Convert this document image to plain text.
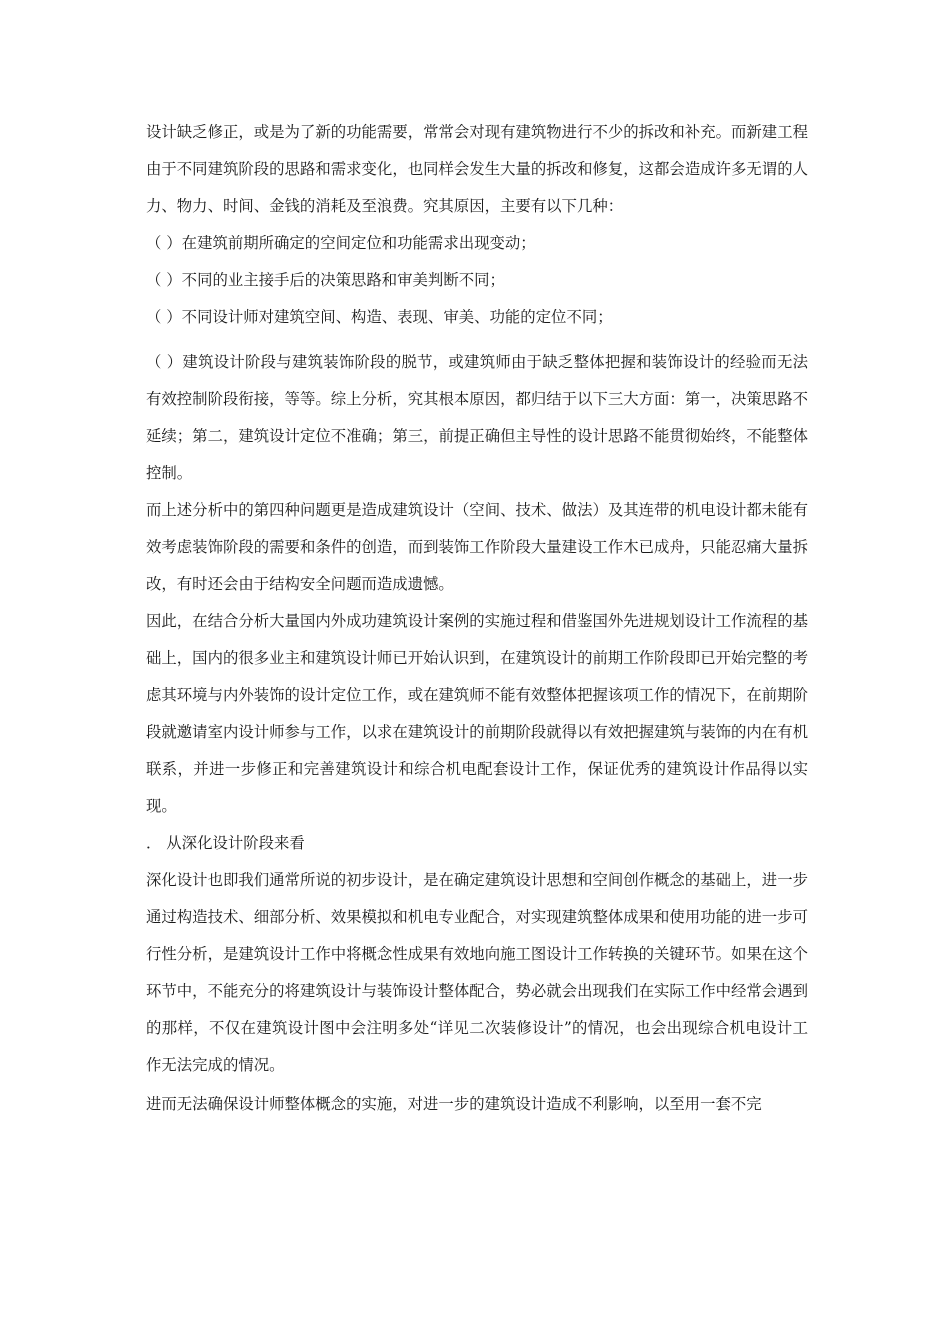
设计缺乏修正，或是为了新的功能需要，常常会对现有建筑物进行不少的拆改和补充。而新建工程由于不同建筑阶段的思路和需求变化，也同样会发生大量的拆改和修复，这都会造成许多无谓的人力、物力、时间、金钱的消耗及至浪费。究其原因，主要有以下几种：

（ ）在建筑前期所确定的空间定位和功能需求出现变动；

（ ）不同的业主接手后的决策思路和审美判断不同；

（ ）不同设计师对建筑空间、构造、表现、审美、功能的定位不同；

（ ）建筑设计阶段与建筑装饰阶段的脱节，或建筑师由于缺乏整体把握和装饰设计的经验而无法有效控制阶段衔接，等等。综上分析，究其根本原因，都归结于以下三大方面：第一，决策思路不延续；第二，建筑设计定位不准确；第三，前提正确但主导性的设计思路不能贯彻始终，不能整体控制。

而上述分析中的第四种问题更是造成建筑设计（空间、技术、做法）及其连带的机电设计都未能有效考虑装饰阶段的需要和条件的创造，而到装饰工作阶段大量建设工作木已成舟，只能忍痛大量拆改，有时还会由于结构安全问题而造成遗憾。

因此，在结合分析大量国内外成功建筑设计案例的实施过程和借鉴国外先进规划设计工作流程的基础上，国内的很多业主和建筑设计师已开始认识到，在建筑设计的前期工作阶段即已开始完整的考虑其环境与内外装饰的设计定位工作，或在建筑师不能有效整体把握该项工作的情况下，在前期阶段就邀请室内设计师参与工作，以求在建筑设计的前期阶段就得以有效把握建筑与装饰的内在有机联系，并进一步修正和完善建筑设计和综合机电配套设计工作，保证优秀的建筑设计作品得以实现。

． 从深化设计阶段来看

深化设计也即我们通常所说的初步设计，是在确定建筑设计思想和空间创作概念的基础上，进一步通过构造技术、细部分析、效果模拟和机电专业配合，对实现建筑整体成果和使用功能的进一步可行性分析，是建筑设计工作中将概念性成果有效地向施工图设计工作转换的关键环节。如果在这个环节中，不能充分的将建筑设计与装饰设计整体配合，势必就会出现我们在实际工作中经常会遇到的那样，不仅在建筑设计图中会注明多处“详见二次装修设计”的情况，也会出现综合机电设计工作无法完成的情况。

进而无法确保设计师整体概念的实施，对进一步的建筑设计造成不利影响，以至用一套不完
